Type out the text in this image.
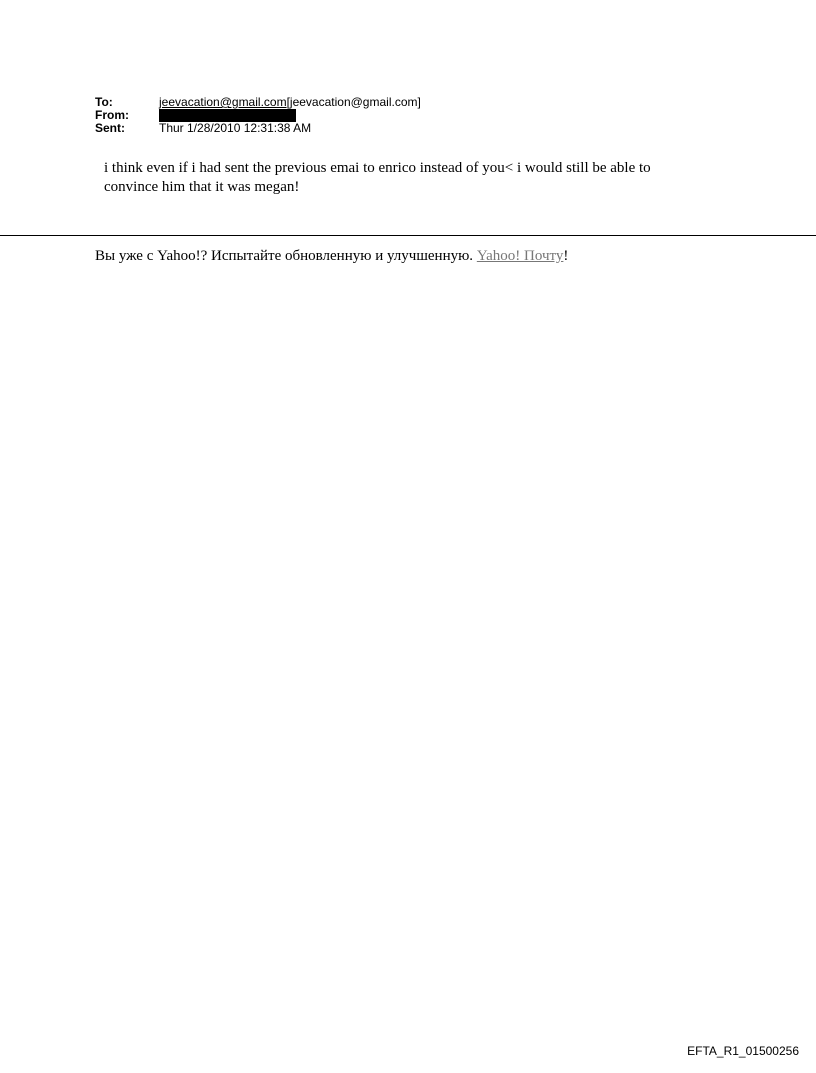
To:	jeevacation@gmail.com[jeevacation@gmail.com]
From:
Sent:	Thur 1/28/2010 12:31:38 AM
i think even if i had sent the previous emai to enrico instead of you< i would still be able to convince him that it was megan!
Вы уже с Yahoo!? Испытайте обновленную и улучшенную. Yahoo! Почту!
EFTA_R1_01500256
